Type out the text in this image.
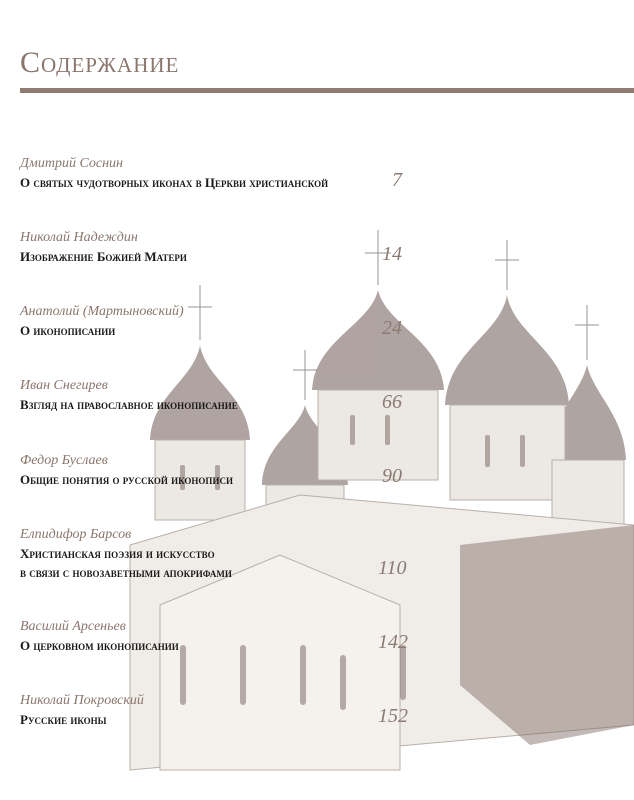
Содержание
Дмитрий Соснин
О святых чудотворных иконах в Церкви христианской	7
Николай Надеждин
Изображение Божией Матери	14
Анатолий (Мартыновский)
О иконописании	24
Иван Снегирев
Взгляд на православное иконописание	66
Федор Буслаев
Общие понятия о русской иконописи	90
Елпидифор Барсов
Христианская поэзия и искусство
в связи с новозаветными апокрифами	110
Василий Арсеньев
О церковном иконописании	142
Николай Покровский
Русские иконы	152
